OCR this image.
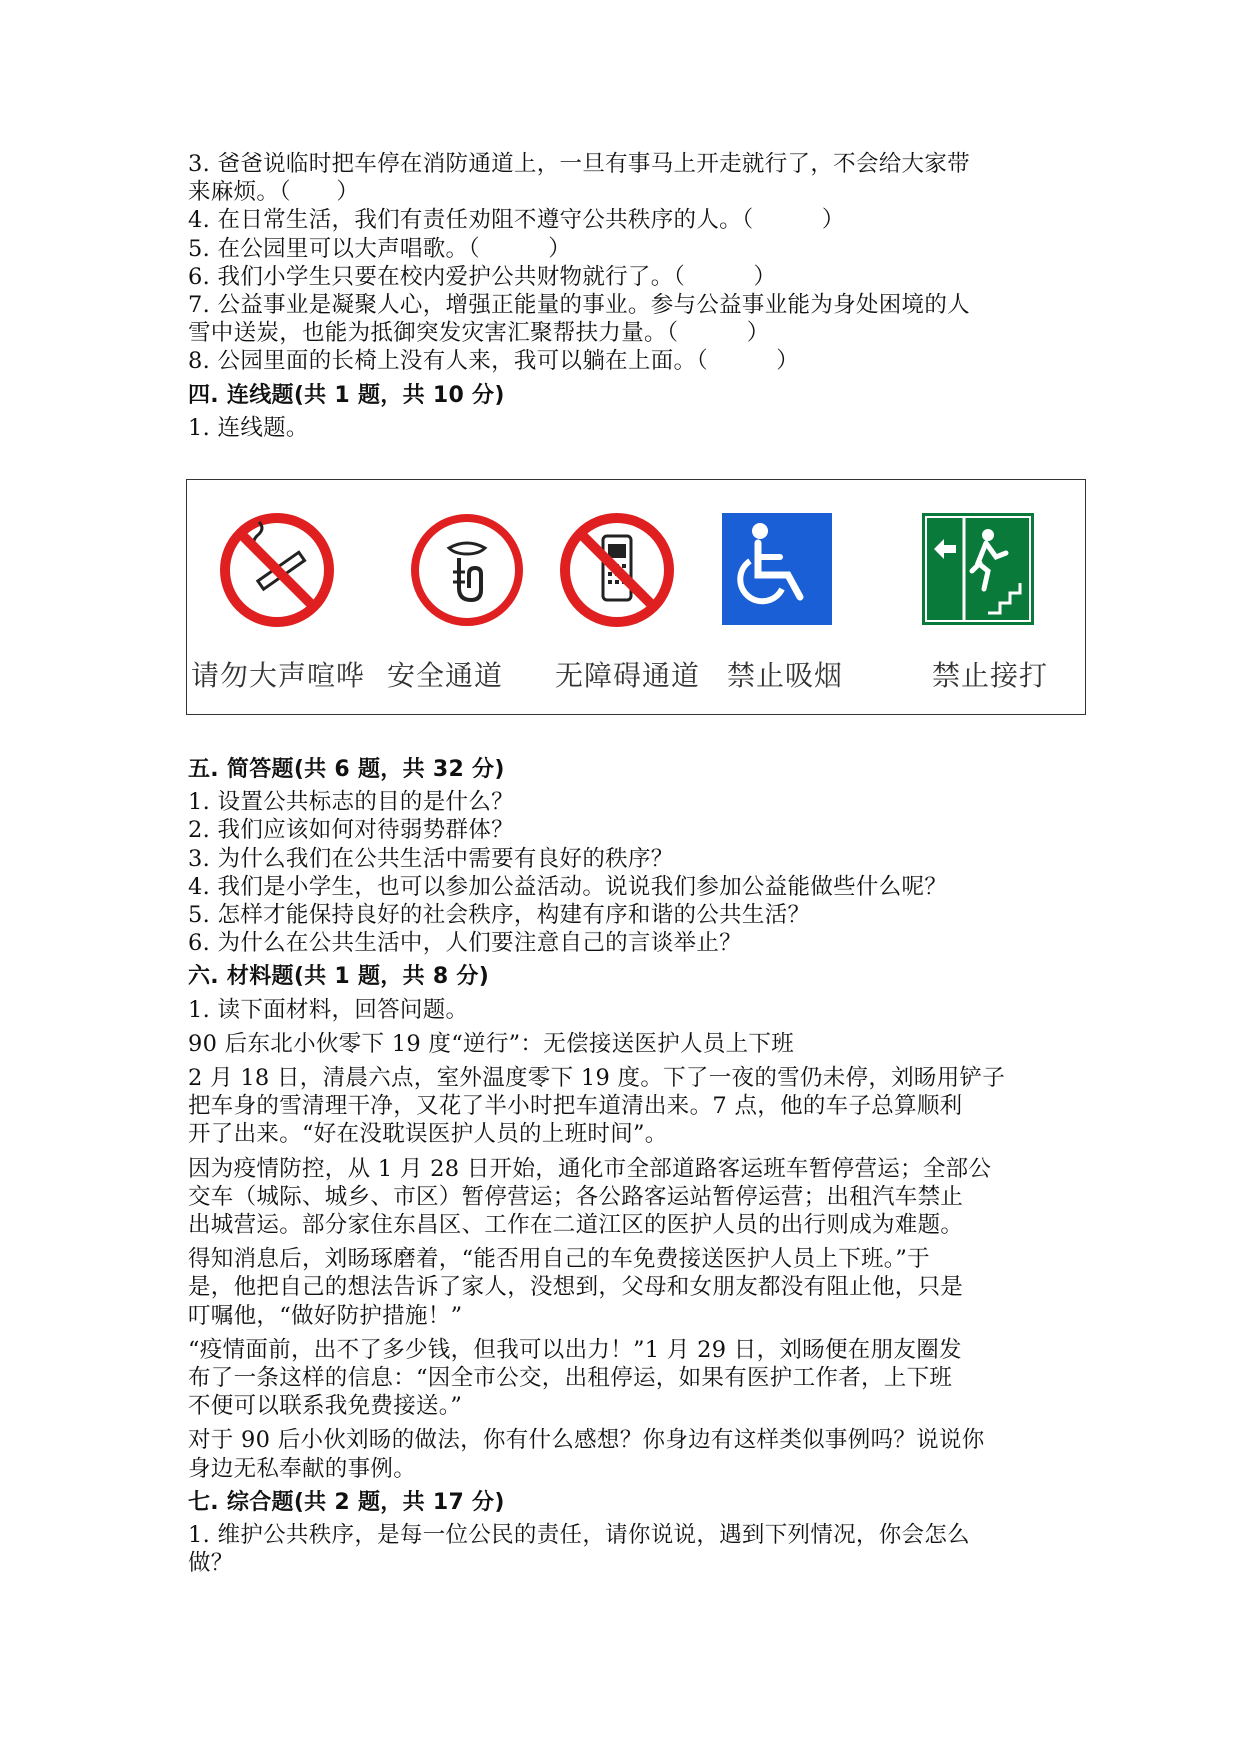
3. 爸爸说临时把车停在消防通道上，一旦有事马上开走就行了，不会给大家带
来麻烦。（　　）
4. 在日常生活，我们有责任劝阻不遵守公共秩序的人。（　　　）
5. 在公园里可以大声唱歌。（　　　）
6. 我们小学生只要在校内爱护公共财物就行了。（　　　）
7. 公益事业是凝聚人心，增强正能量的事业。参与公益事业能为身处困境的人
雪中送炭，也能为抵御突发灾害汇聚帮扶力量。（　　　）
8. 公园里面的长椅上没有人来，我可以躺在上面。（　　　）
四. 连线题(共 1 题，共 10 分)
1. 连线题。
请勿大声喧哗 安全通道 无障碍通道 禁止吸烟	禁止接打
五. 简答题(共 6 题，共 32 分)
1. 设置公共标志的目的是什么？
2. 我们应该如何对待弱势群体？
3. 为什么我们在公共生活中需要有良好的秩序？
4. 我们是小学生，也可以参加公益活动。说说我们参加公益能做些什么呢？
5. 怎样才能保持良好的社会秩序，构建有序和谐的公共生活？
6. 为什么在公共生活中，人们要注意自己的言谈举止？
六. 材料题(共 1 题，共 8 分)
1. 读下面材料，回答问题。
90 后东北小伙零下 19 度“逆行”：无偿接送医护人员上下班
2 月 18 日，清晨六点，室外温度零下 19 度。下了一夜的雪仍未停，刘旸用铲子
把车身的雪清理干净，又花了半小时把车道清出来。7 点，他的车子总算顺利
开了出来。“好在没耽误医护人员的上班时间”。
因为疫情防控，从 1 月 28 日开始，通化市全部道路客运班车暂停营运；全部公
交车（城际、城乡、市区）暂停营运；各公路客运站暂停运营；出租汽车禁止
出城营运。部分家住东昌区、工作在二道江区的医护人员的出行则成为难题。
得知消息后，刘旸琢磨着，“能否用自己的车免费接送医护人员上下班。”于
是，他把自己的想法告诉了家人，没想到，父母和女朋友都没有阻止他，只是
叮嘱他，“做好防护措施！”
“疫情面前，出不了多少钱，但我可以出力！”1 月 29 日，刘旸便在朋友圈发
布了一条这样的信息：“因全市公交，出租停运，如果有医护工作者，上下班
不便可以联系我免费接送。”
对于 90 后小伙刘旸的做法，你有什么感想？你身边有这样类似事例吗？说说你
身边无私奉献的事例。
七. 综合题(共 2 题，共 17 分)
1. 维护公共秩序，是每一位公民的责任，请你说说，遇到下列情况，你会怎么
做？
